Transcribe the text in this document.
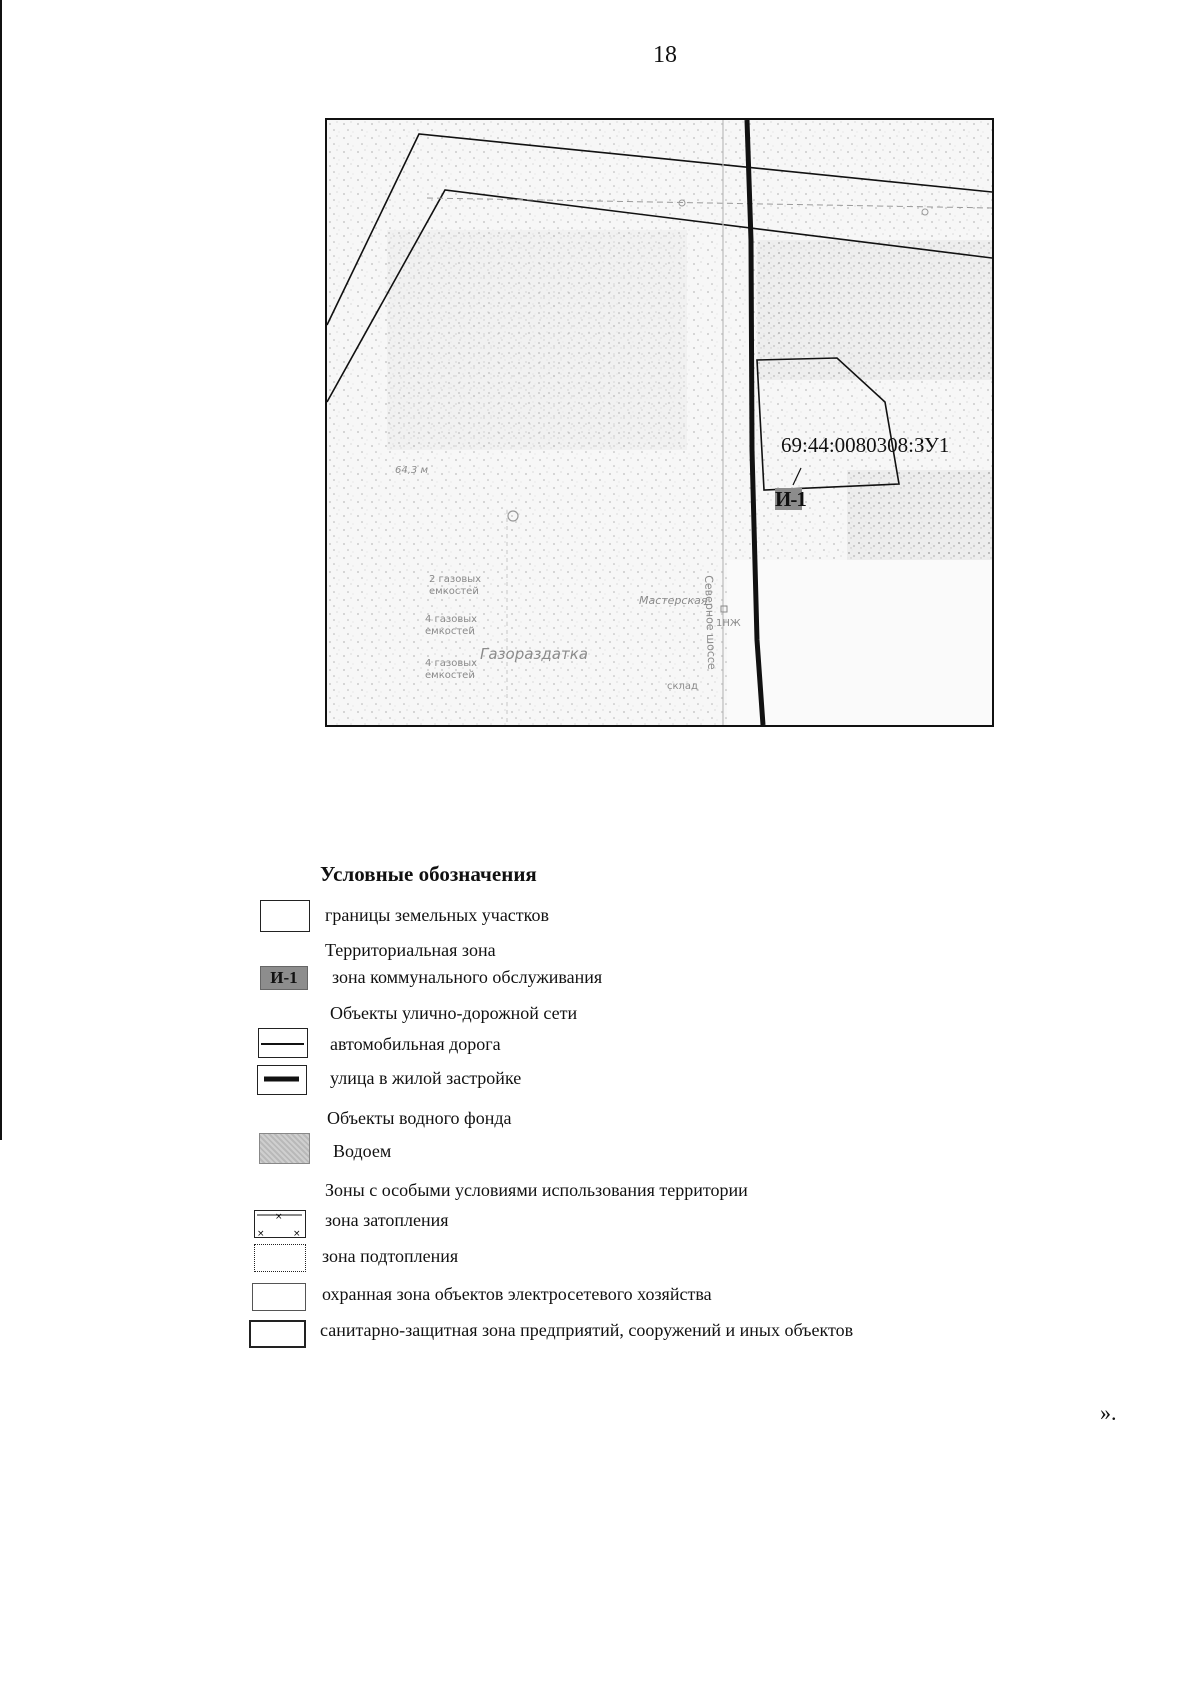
18
64,3 м
2 газовых емкостей
4 газовых емкостей
4 газовых емкостей
Газораздатка
Мастерская
склад
Северное шоссе
1НЖ
69:44:0080308:ЗУ1
И-1
Условные обозначения
границы земельных участков
Территориальная зона
И-1	зона коммунального обслуживания
Объекты улично-дорожной сети
автомобильная дорога
улица в жилой застройке
Объекты водного фонда
Водоем
Зоны с особыми условиями использования территории
×
×	×
зона затопления
зона подтопления
охранная зона объектов электросетевого хозяйства
санитарно-защитная зона предприятий, сооружений и иных объектов
».
